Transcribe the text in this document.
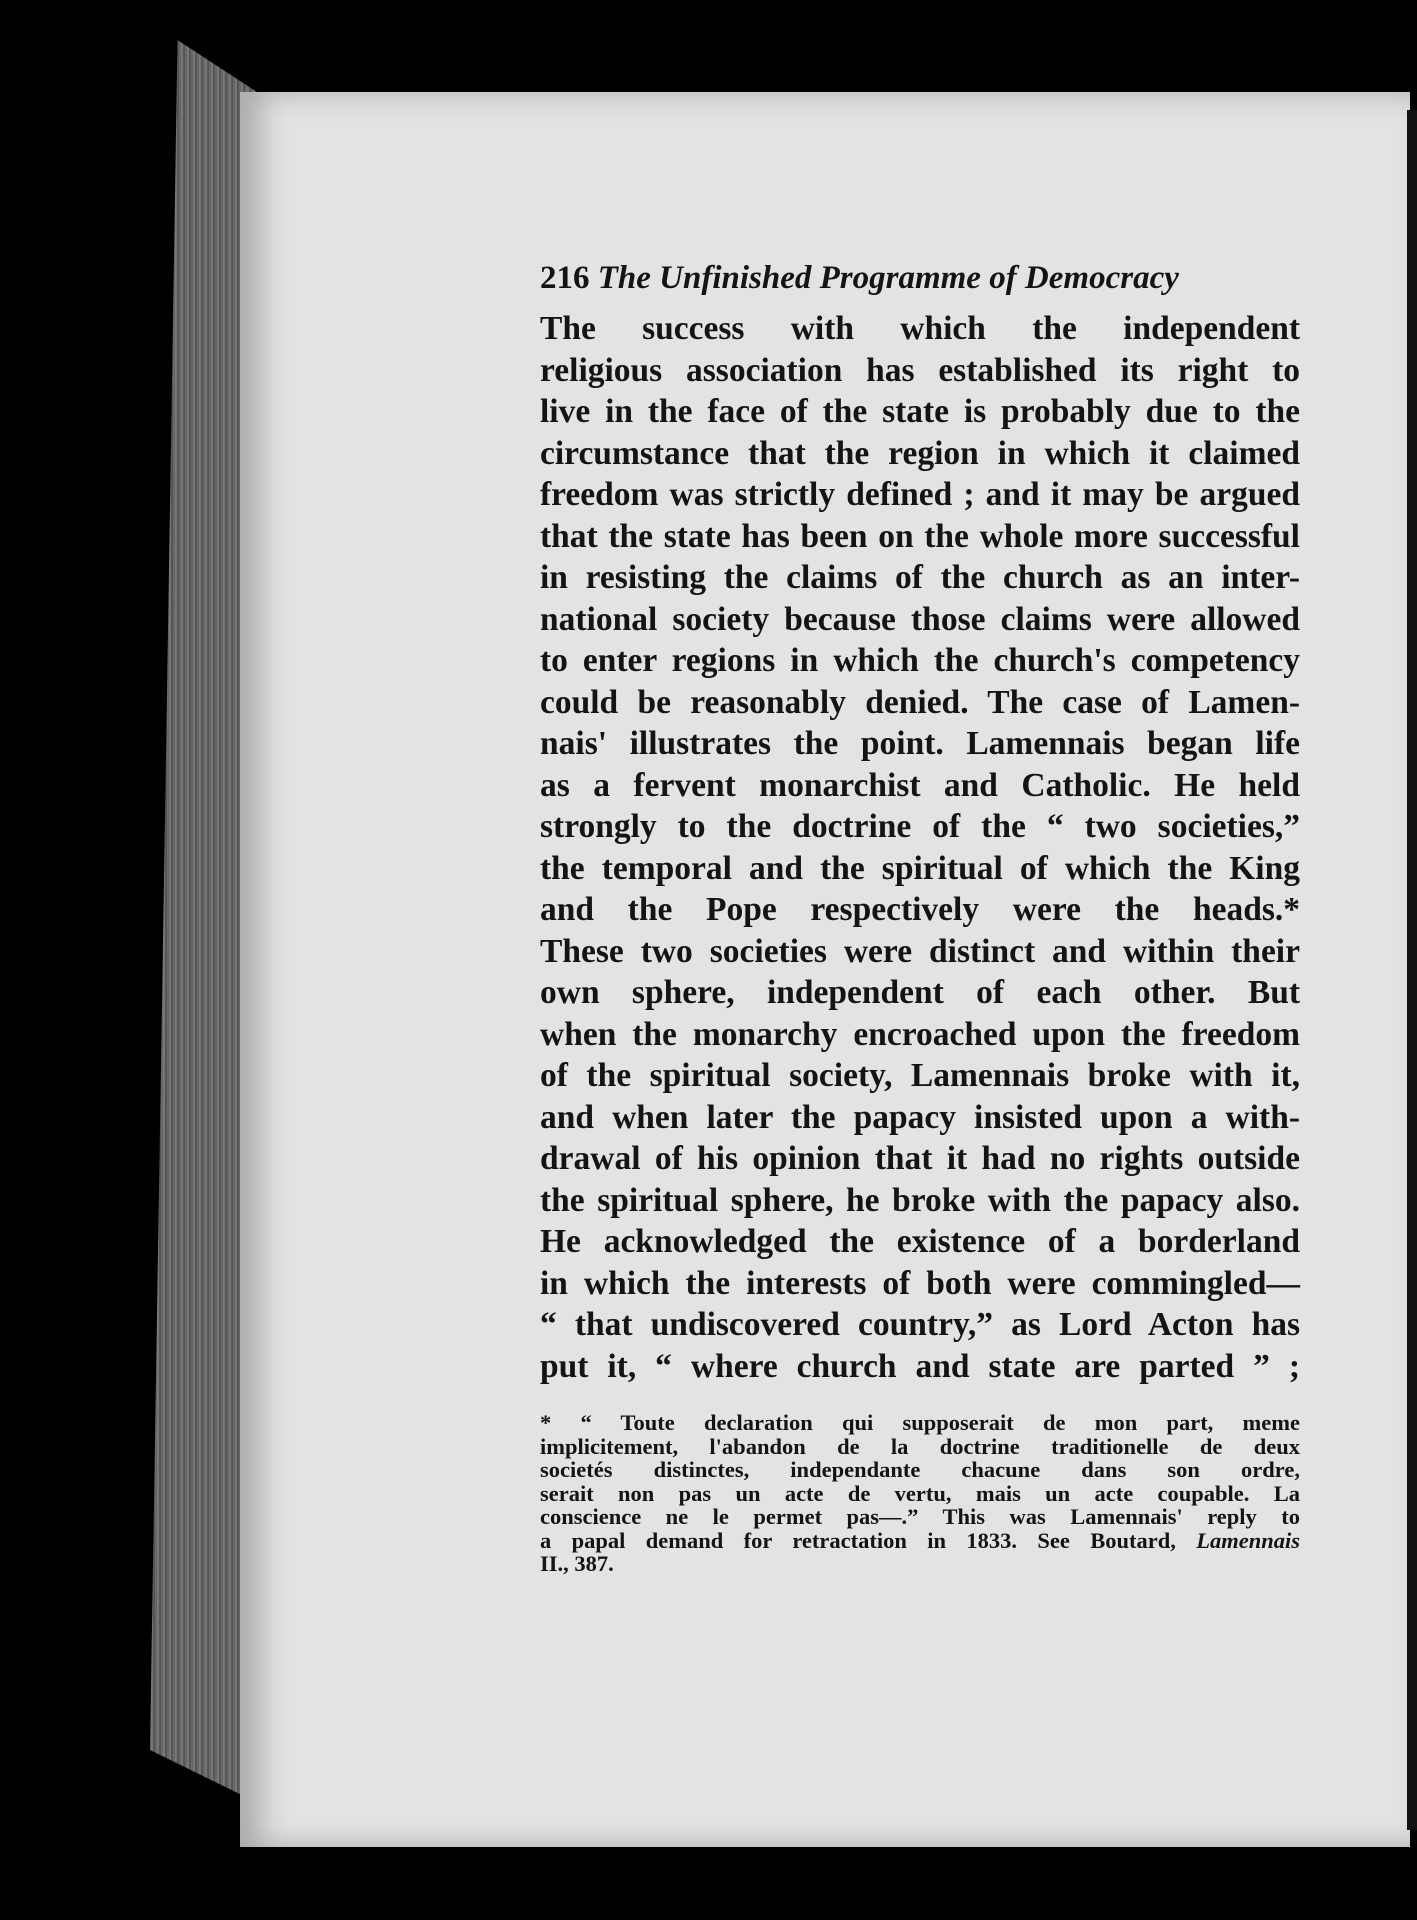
216 The Unfinished Programme of Democracy
The success with which the independent
religious association has established its right to
live in the face of the state is probably due to the
circumstance that the region in which it claimed
freedom was strictly defined ; and it may be argued
that the state has been on the whole more successful
in resisting the claims of the church as an inter-
national society because those claims were allowed
to enter regions in which the church's competency
could be reasonably denied. The case of Lamen-
nais' illustrates the point. Lamennais began life
as a fervent monarchist and Catholic. He held
strongly to the doctrine of the “ two societies,”
the temporal and the spiritual of which the King
and the Pope respectively were the heads.*
These two societies were distinct and within their
own sphere, independent of each other. But
when the monarchy encroached upon the freedom
of the spiritual society, Lamennais broke with it,
and when later the papacy insisted upon a with-
drawal of his opinion that it had no rights outside
the spiritual sphere, he broke with the papacy also.
He acknowledged the existence of a borderland
in which the interests of both were commingled—
“ that undiscovered country,” as Lord Acton has
put it, “ where church and state are parted ” ;
* “ Toute declaration qui supposerait de mon part, meme
implicitement, l'abandon de la doctrine traditionelle de deux
societés distinctes, independante chacune dans son ordre,
serait non pas un acte de vertu, mais un acte coupable. La
conscience ne le permet pas—.” This was Lamennais' reply to
a papal demand for retractation in 1833. See Boutard, Lamennais
II., 387.
